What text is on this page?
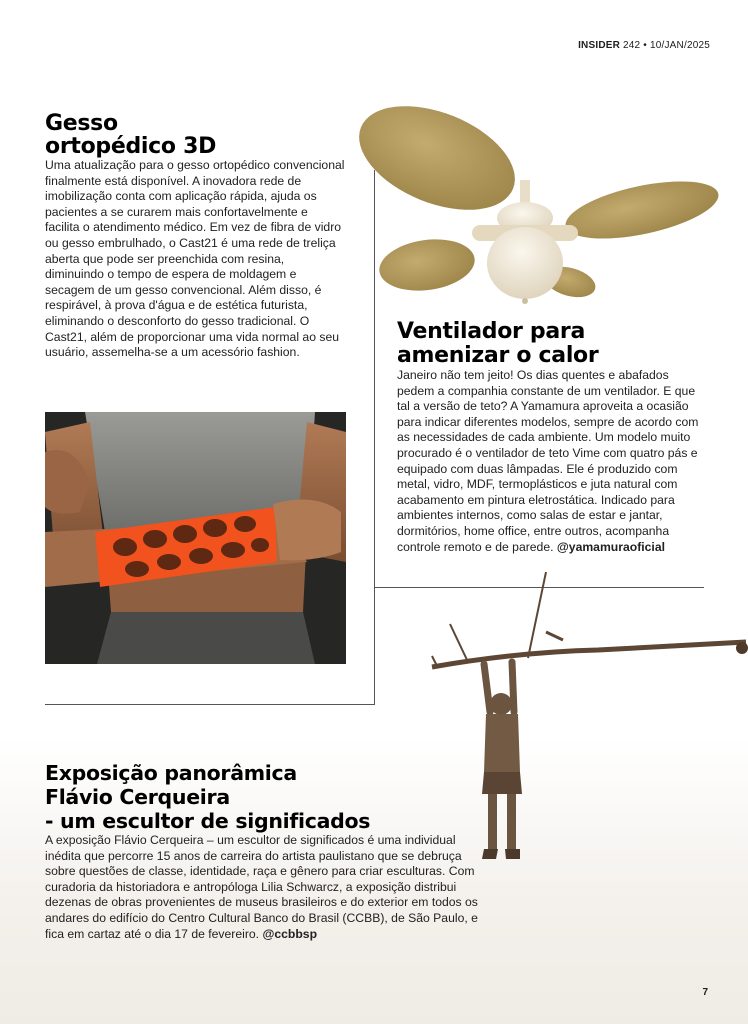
INSIDER 242 • 10/JAN/2025
Gesso
ortopédico 3D

Uma atualização para o gesso ortopédico convencional finalmente está disponível. A inovadora rede de imobilização conta com aplicação rápida, ajuda os pacientes a se curarem mais confortavelmente e facilita o atendimento médico. Em vez de fibra de vidro ou gesso embrulhado, o Cast21 é uma rede de treliça aberta que pode ser preenchida com resina, diminuindo o tempo de espera de moldagem e secagem de um gesso convencional. Além disso, é respirável, à prova d'água e de estética futurista, eliminando o desconforto do gesso tradicional. O Cast21, além de proporcionar uma vida normal ao seu usuário, assemelha-se a um acessório fashion.

Ventilador para
amenizar o calor

Janeiro não tem jeito! Os dias quentes e abafados pedem a companhia constante de um ventilador. E que tal a versão de teto? A Yamamura aproveita a ocasião para indicar diferentes modelos, sempre de acordo com as necessidades de cada ambiente. Um modelo muito procurado é o ventilador de teto Vime com quatro pás e equipado com duas lâmpadas. Ele é produzido com metal, vidro, MDF, termoplásticos e juta natural com acabamento em pintura eletrostática. Indicado para ambientes internos, como salas de estar e jantar, dormitórios, home office, entre outros, acompanha controle remoto e de parede. @yamamuraoficial

Exposição panorâmica
Flávio Cerqueira
- um escultor de significados

A exposição Flávio Cerqueira – um escultor de significados é uma individual inédita que percorre 15 anos de carreira do artista paulistano que se debruça sobre questões de classe, identidade, raça e gênero para criar esculturas. Com curadoria da historiadora e antropóloga Lilia Schwarcz, a exposição distribui dezenas de obras provenientes de museus brasileiros e do exterior em todos os andares do edifício do Centro Cultural Banco do Brasil (CCBB), de São Paulo, e fica em cartaz até o dia 17 de fevereiro. @ccbbsp

7
